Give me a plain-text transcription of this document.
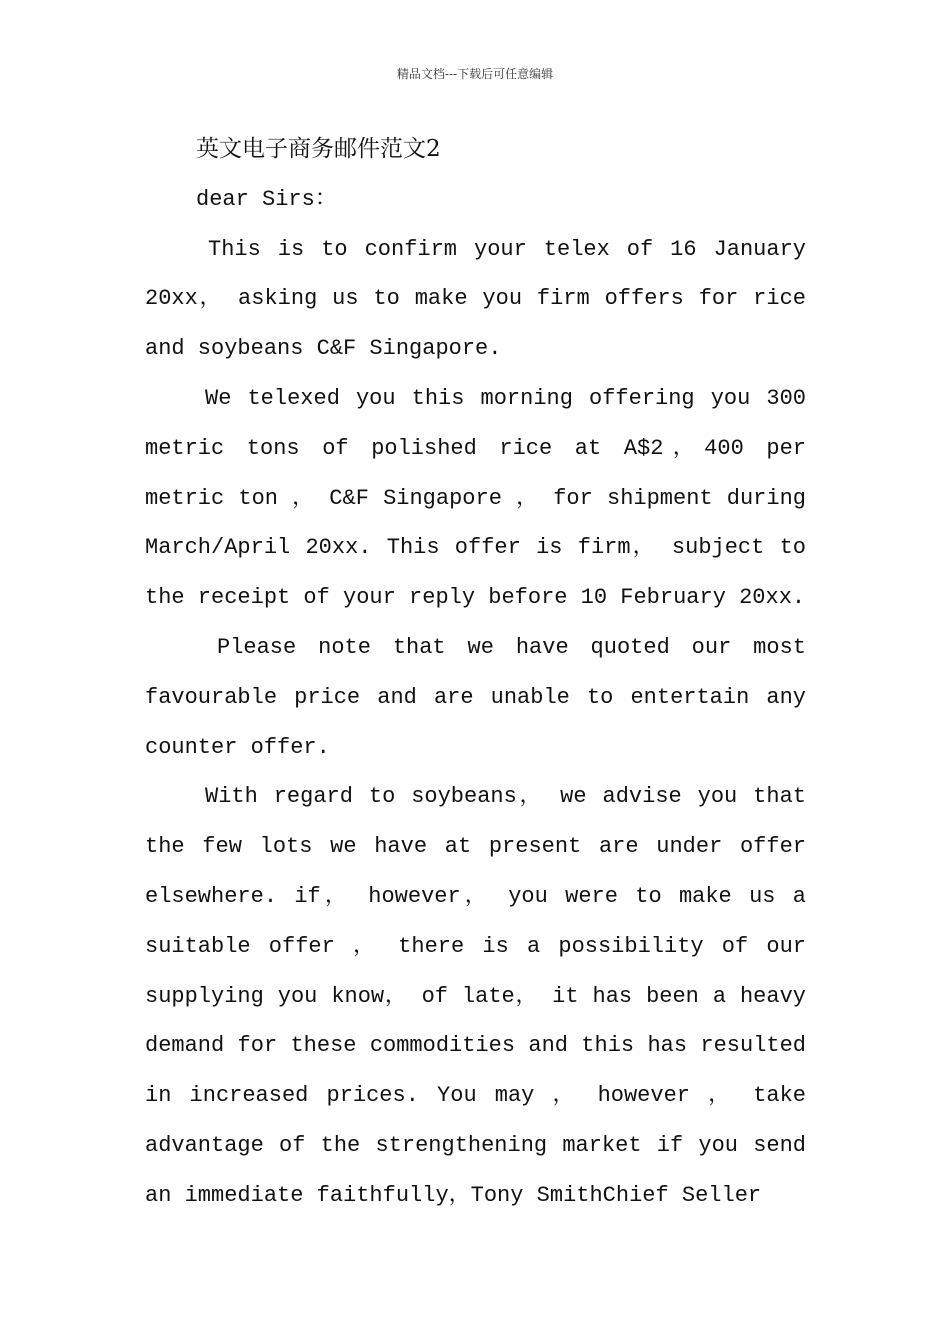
精品文档---下载后可任意编辑
英文电子商务邮件范文2

dear Sirs：

This is to confirm your telex of 16 January 20xx， asking us to make you firm offers for rice and soybeans C&F Singapore.

We telexed you this morning offering you 300 metric tons of polished rice at A$2，400 per metric ton ， C&F Singapore ， for shipment during March/April 20xx. This offer is firm， subject to the receipt of your reply before 10 February 20xx.

Please note that we have quoted our most favourable price and are unable to entertain any counter offer.

With regard to soybeans， we advise you that the few lots we have at present are under offer elsewhere. if， however， you were to make us a suitable offer ， there is a possibility of our supplying you know， of late， it has been a heavy demand for these commodities and this has resulted in increased prices. You may ， however ， take advantage of the strengthening market if you send an immediate faithfully，Tony SmithChief Seller
